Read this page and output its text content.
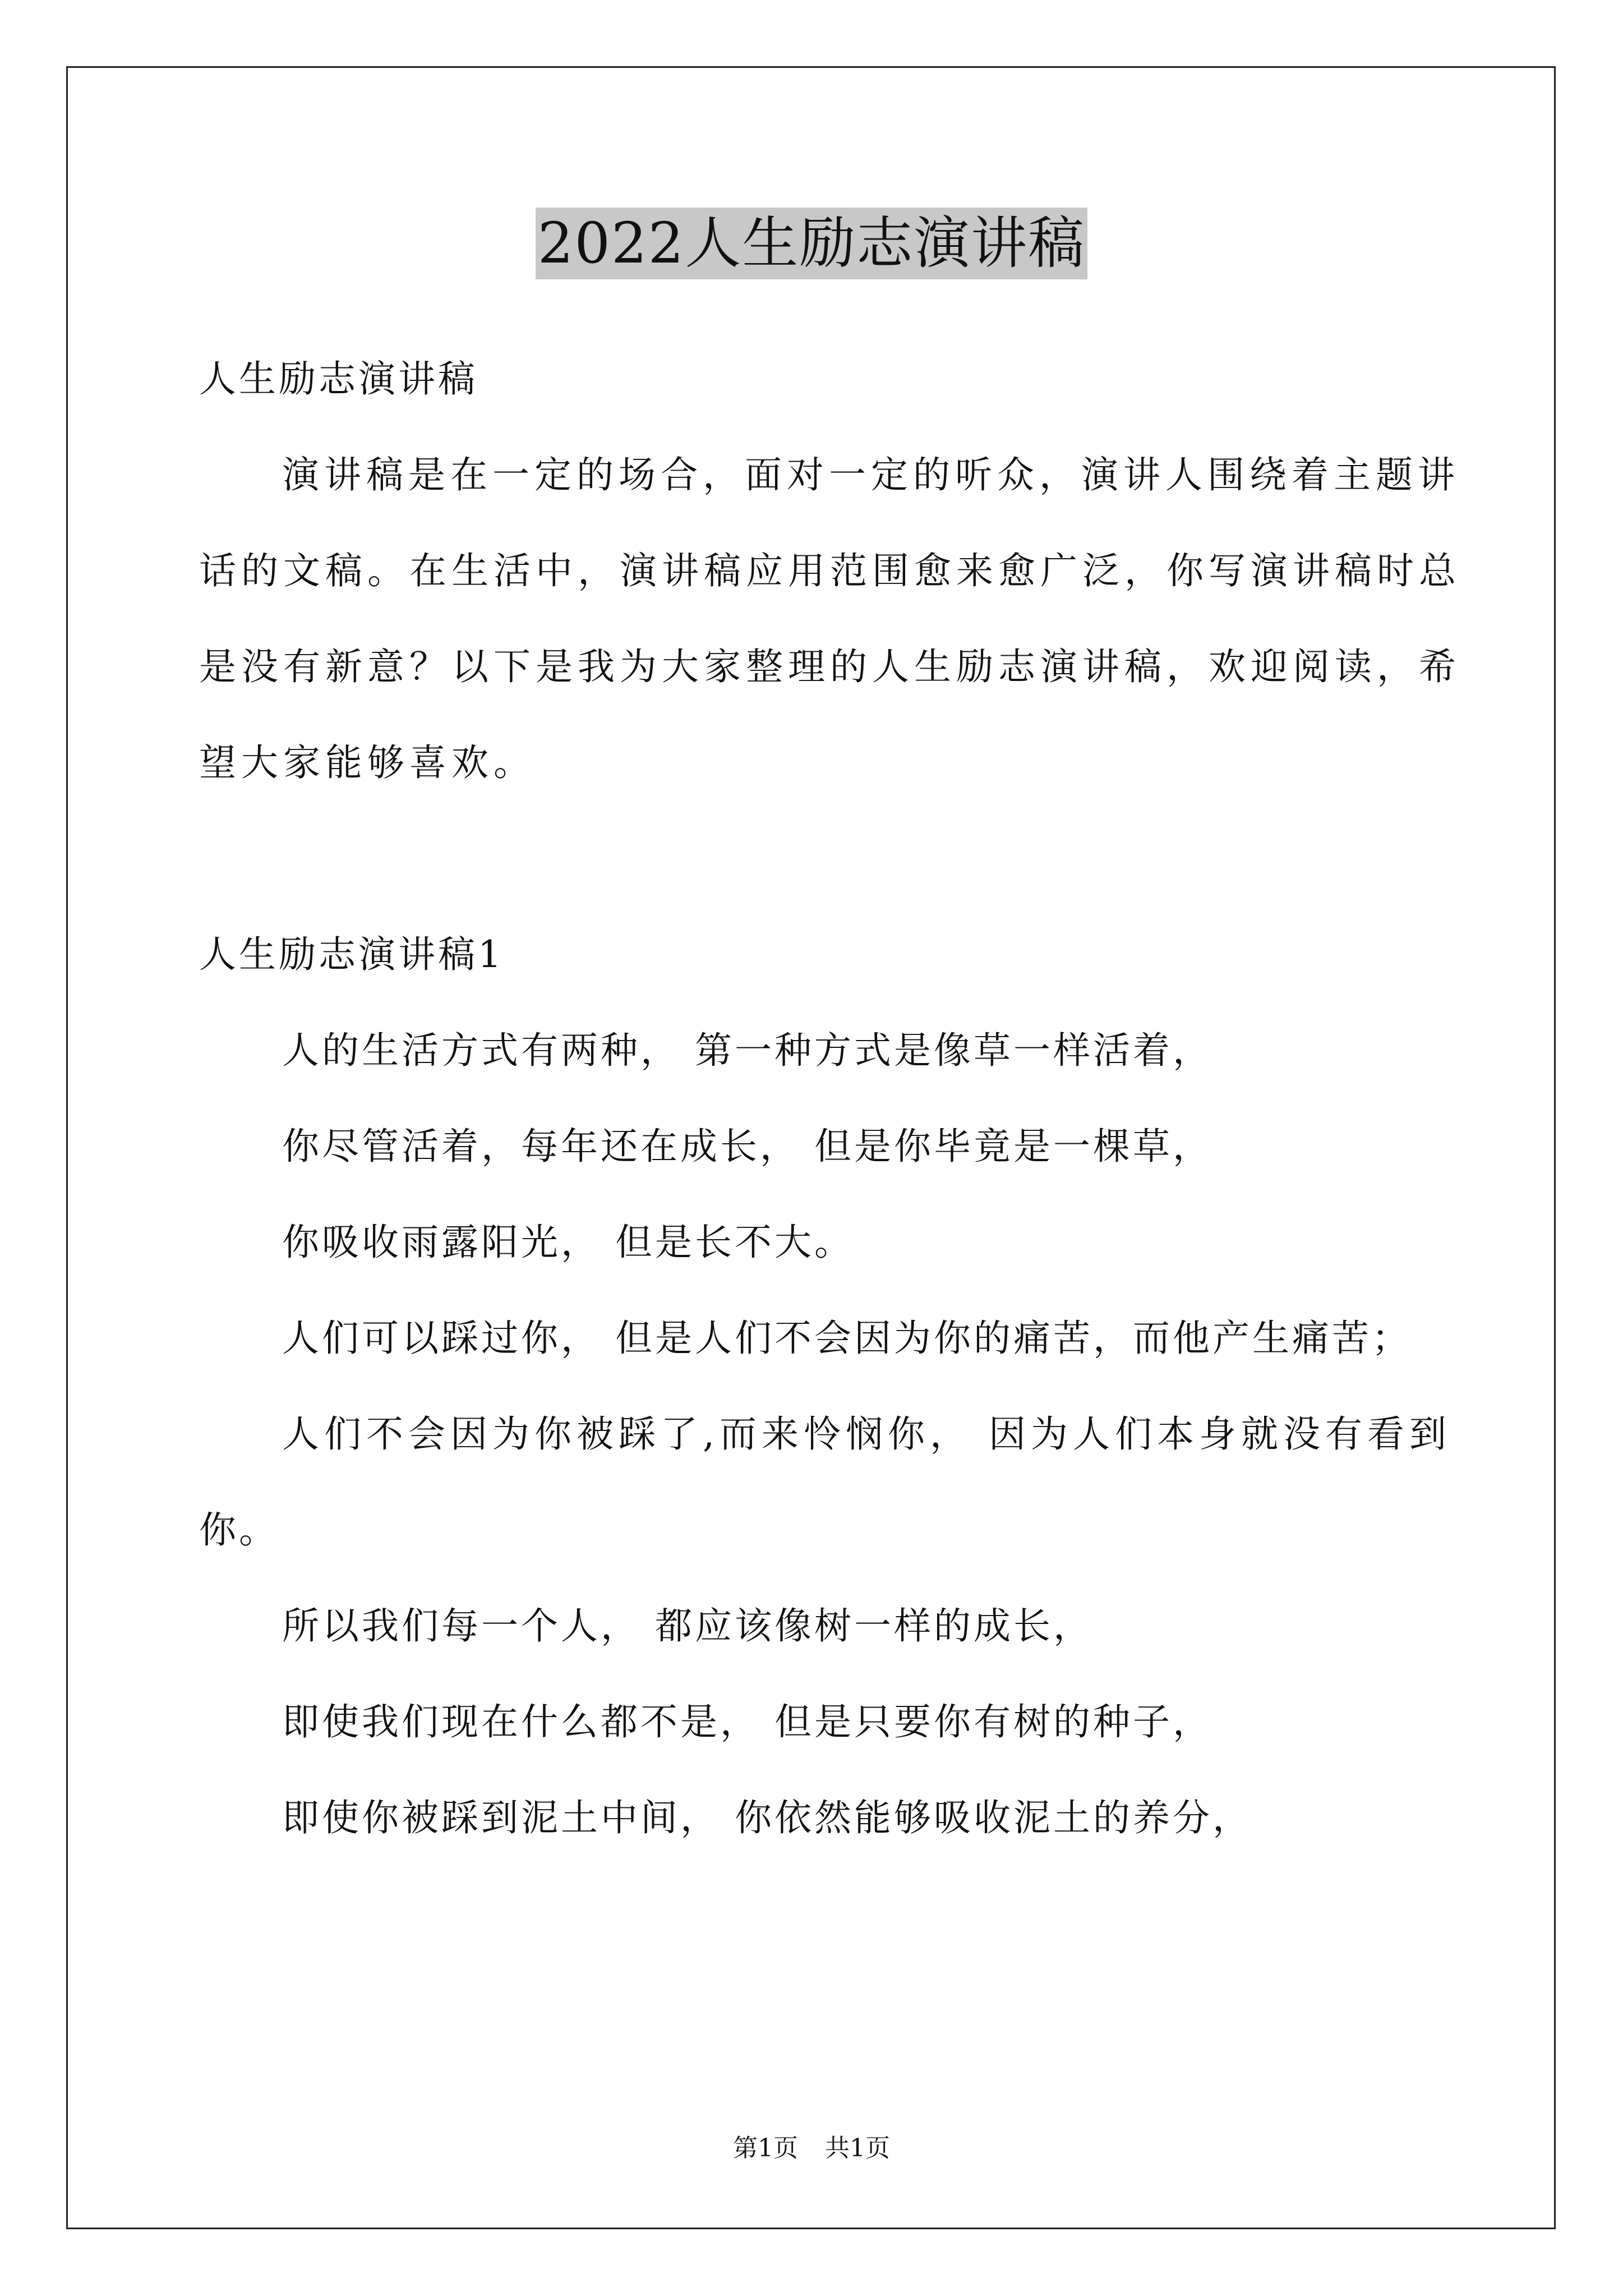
2022人生励志演讲稿
人生励志演讲稿
演讲稿是在一定的场合，面对一定的听众，演讲人围绕着主题讲
话的文稿。在生活中，演讲稿应用范围愈来愈广泛，你写演讲稿时总
是没有新意？以下是我为大家整理的人生励志演讲稿，欢迎阅读，希
望大家能够喜欢。
人生励志演讲稿1
人的生活方式有两种， 第一种方式是像草一样活着，
你尽管活着，每年还在成长， 但是你毕竟是一棵草，
你吸收雨露阳光， 但是长不大。
人们可以踩过你， 但是人们不会因为你的痛苦，而他产生痛苦；
人们不会因为你被踩了,而来怜悯你， 因为人们本身就没有看到
你。
所以我们每一个人， 都应该像树一样的成长，
即使我们现在什么都不是， 但是只要你有树的种子，
即使你被踩到泥土中间， 你依然能够吸收泥土的养分，
第1页 共1页
